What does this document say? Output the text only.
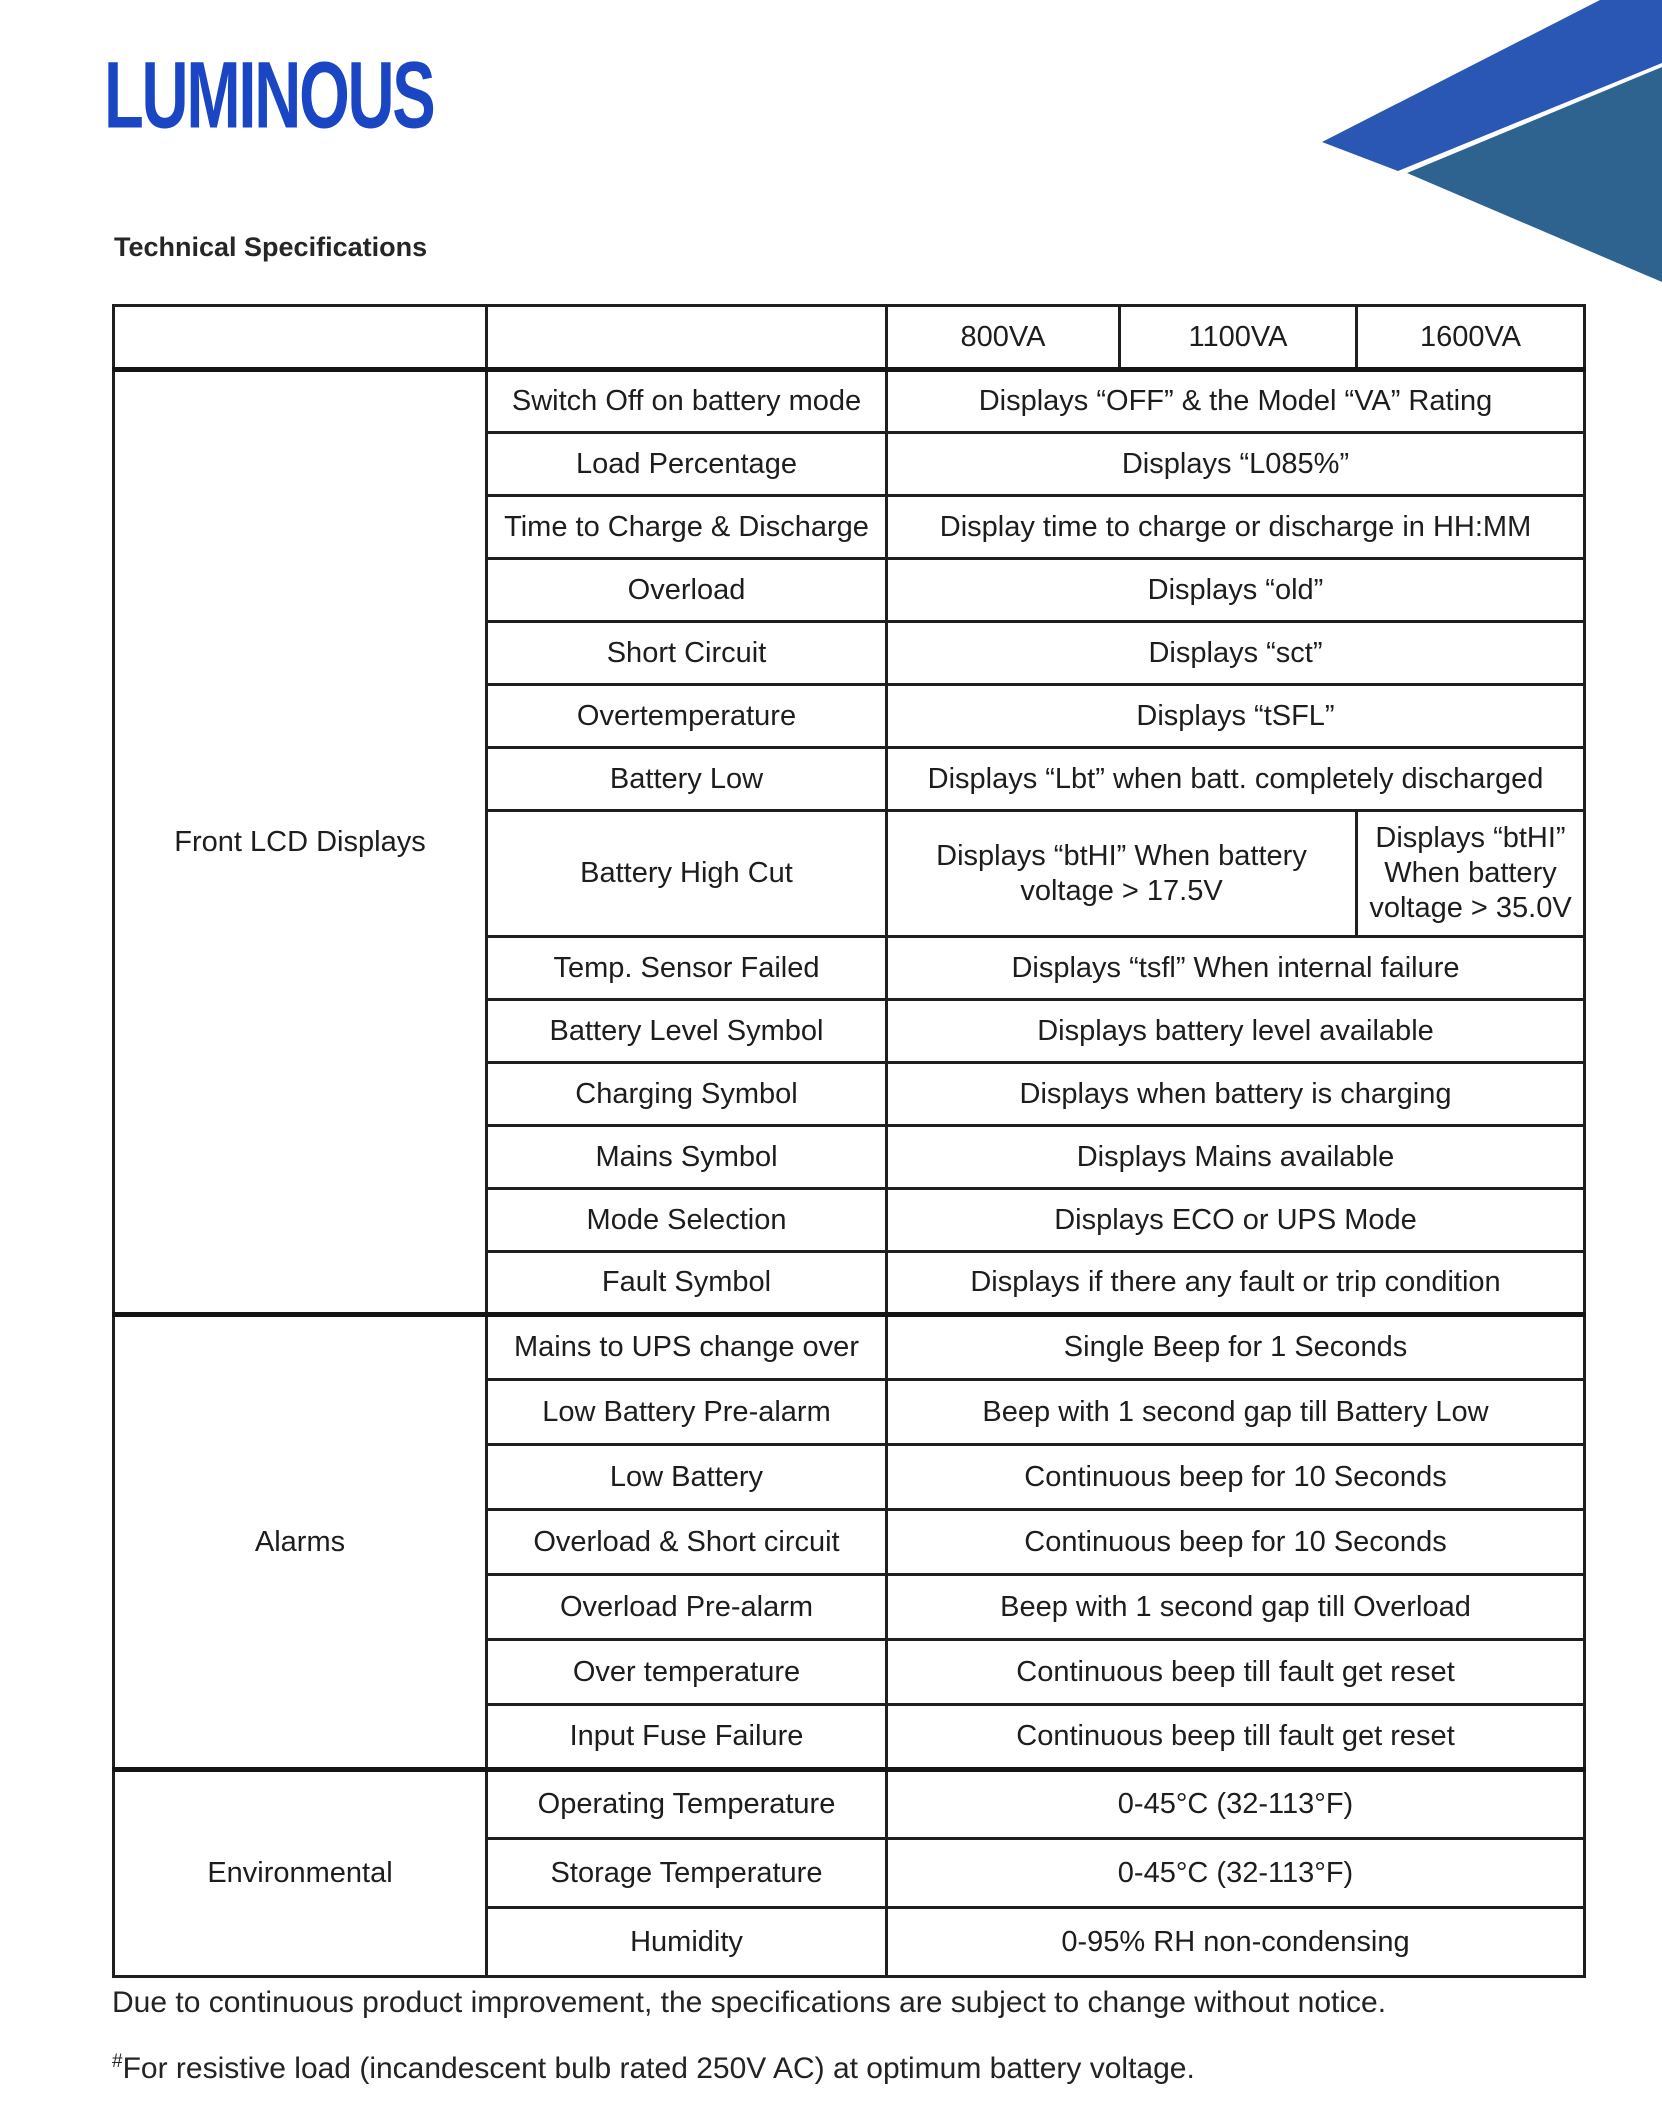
LUMINOUS
Technical Specifications
		800VA	1100VA	1600VA
Front LCD Displays	Switch Off on battery mode	Displays “OFF” & the Model “VA” Rating		
	Load Percentage	Displays “L085%”		
	Time to Charge & Discharge	Display time to charge or discharge in HH:MM		
	Overload	Displays “old”		
	Short Circuit	Displays “sct”		
	Overtemperature	Displays “tSFL”		
	Battery Low	Displays “Lbt” when batt. completely discharged		
	Battery High Cut	Displays “btHI” When battery voltage > 17.5V		Displays “btHI” When battery voltage > 35.0V
	Temp. Sensor Failed	Displays “tsfl” When internal failure		
	Battery Level Symbol	Displays battery level available		
	Charging Symbol	Displays when battery is charging		
	Mains Symbol	Displays Mains available		
	Mode Selection	Displays ECO or UPS Mode		
	Fault Symbol	Displays if there any fault or trip condition		
Alarms	Mains to UPS change over	Single Beep for 1 Seconds		
	Low Battery Pre-alarm	Beep with 1 second gap till Battery Low		
	Low Battery	Continuous beep for 10 Seconds		
	Overload & Short circuit	Continuous beep for 10 Seconds		
	Overload Pre-alarm	Beep with 1 second gap till Overload		
	Over temperature	Continuous beep till fault get reset		
	Input Fuse Failure	Continuous beep till fault get reset		
Environmental	Operating Temperature	0-45°C (32-113°F)		
	Storage Temperature	0-45°C (32-113°F)		
	Humidity	0-95% RH non-condensing		
Due to continuous product improvement, the specifications are subject to change without notice.
#For resistive load (incandescent bulb rated 250V AC) at optimum battery voltage.
